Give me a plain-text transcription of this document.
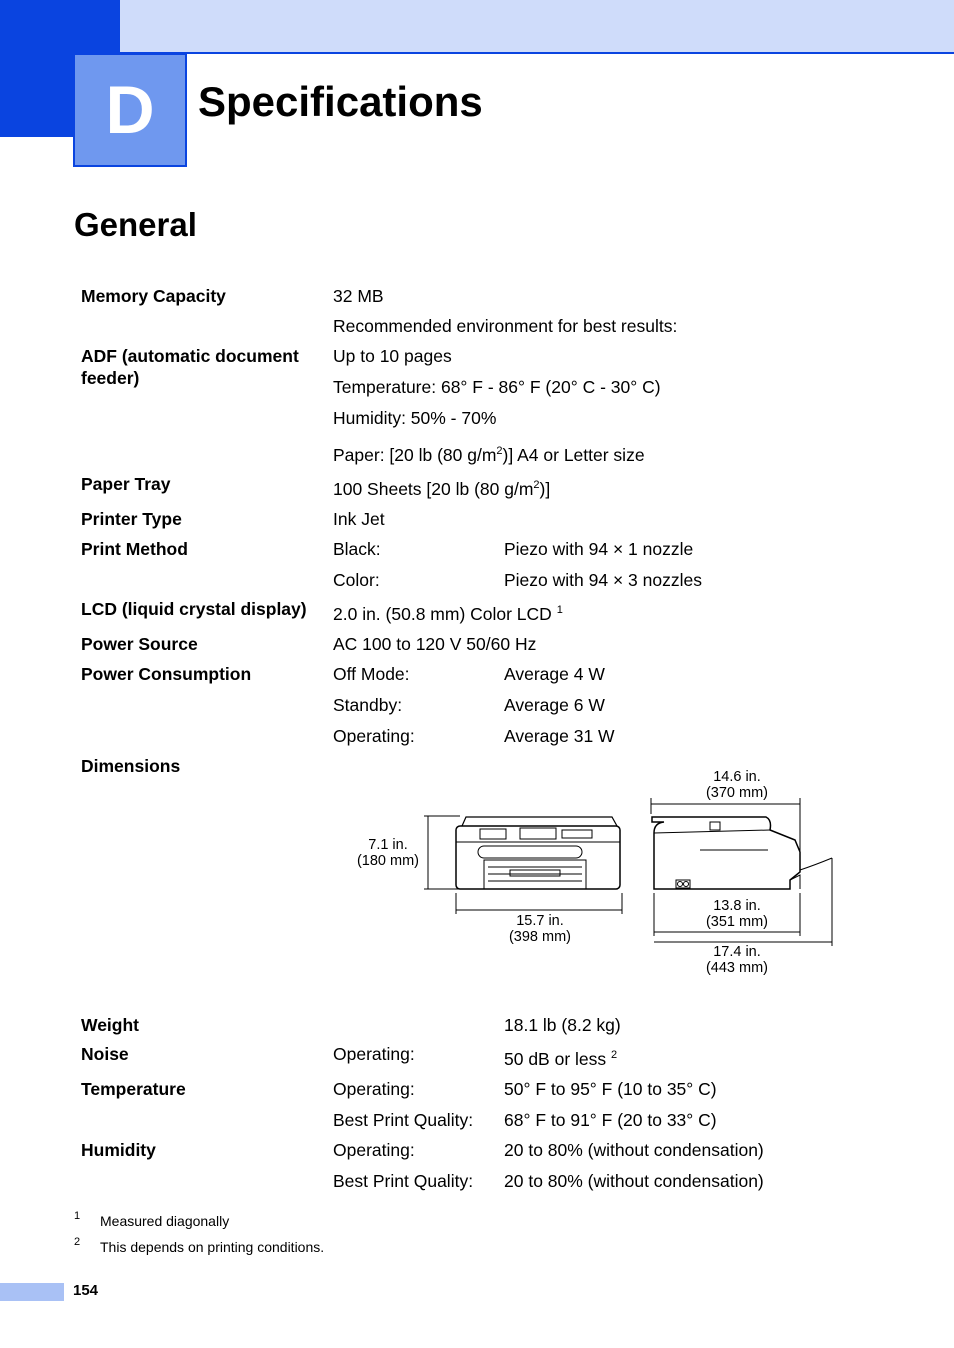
D Specifications
General
Memory Capacity	32 MB
Recommended environment for best results:
ADF (automatic document
feeder)
Up to 10 pages
Temperature: 68° F - 86° F (20° C - 30° C)
Humidity: 50% - 70%
Paper: [20 lb (80 $g/m^2$)] A4 or Letter size
Paper Tray	100 Sheets [20 lb (80 $g/m^2$)]
Printer Type	Ink Jet
Print Method	Black:	Piezo with 94 × 1 nozzle
Color:	Piezo with 94 × 3 nozzles
LCD (liquid crystal display) 2.0 in. (50.8 mm) Color LCD $^1$
Power Source	AC 100 to 120 V 50/60 Hz
Power Consumption	Off Mode:	Average 4 W
Standby:	Average 6 W
Operating:	Average 31 W
Dimensions
7.1 in.
(180 mm)
15.7 in.
(398 mm)
14.6 in.
(370 mm)
13.8 in.
(351 mm)
17.4 in.
(443 mm)
Weight	18.1 lb (8.2 kg)
Noise	Operating:	50 dB or less $^2$
Temperature	Operating:	50° F to 95° F (10 to 35° C)
Best Print Quality: 68° F to 91° F (20 to 33° C)
Humidity	Operating:	20 to 80% (without condensation)
Best Print Quality: 20 to 80% (without condensation)
1 Measured diagonally
2 This depends on printing conditions.
154
